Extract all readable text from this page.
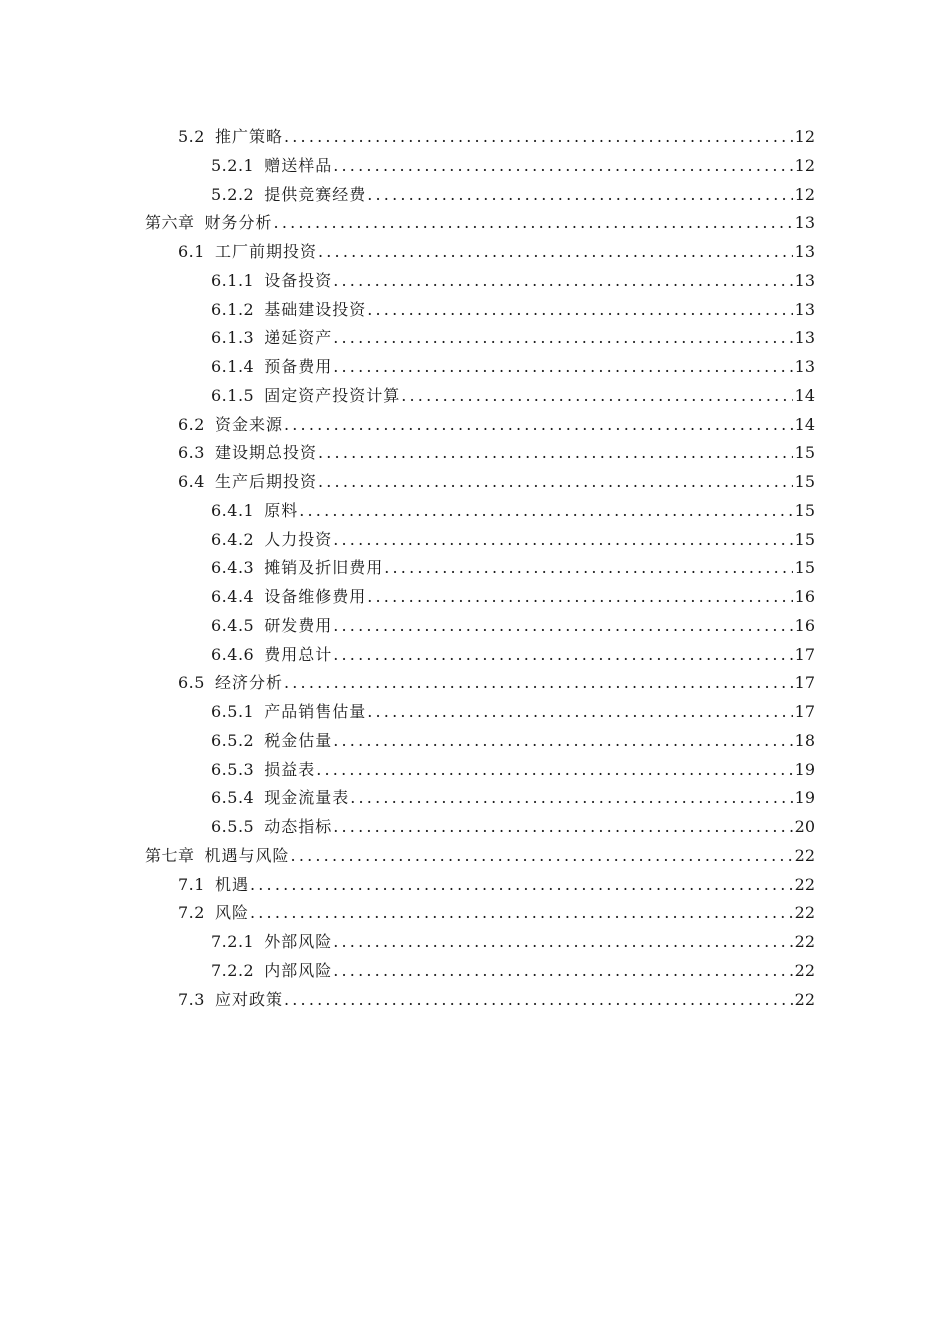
5.2 推广策略 .....	12
5.2.1 赠送样品 .....	12
5.2.2 提供竞赛经费 .....	12
第六章 财务分析 .....	13
6.1 工厂前期投资 .....	13
6.1.1 设备投资 .....	13
6.1.2 基础建设投资 .....	13
6.1.3 递延资产 .....	13
6.1.4 预备费用 .....	13
6.1.5 固定资产投资计算 .....	14
6.2 资金来源 .....	14
6.3 建设期总投资 .....	15
6.4 生产后期投资 .....	15
6.4.1 原料 .....	15
6.4.2 人力投资 .....	15
6.4.3 摊销及折旧费用 .....	15
6.4.4 设备维修费用 .....	16
6.4.5 研发费用 .....	16
6.4.6 费用总计 .....	17
6.5 经济分析 .....	17
6.5.1 产品销售估量 .....	17
6.5.2 税金估量 .....	18
6.5.3 损益表 .....	19
6.5.4 现金流量表 .....	19
6.5.5 动态指标 .....	20
第七章 机遇与风险 .....	22
7.1 机遇 .....	22
7.2 风险 .....	22
7.2.1 外部风险 .....	22
7.2.2 内部风险 .....	22
7.3 应对政策 .....	22
